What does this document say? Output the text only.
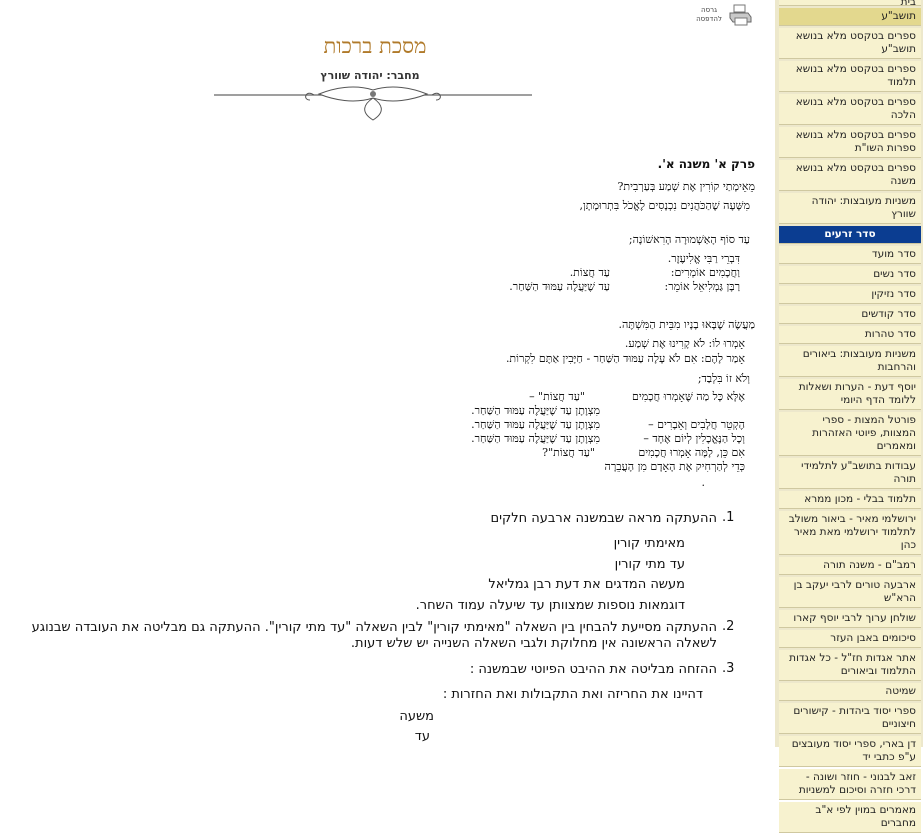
גרסה להדפסה
מסכת ברכות
מחבר: יהודה שוורץ
פרק א' משנה א'.
מֵאֵימָתַי קוֹרִין אֶת שְׁמַע בְּעַרְבִית?
מִשָּׁעָה שֶׁהַכֹּהֲנִים נִכְנָסִים לֶאֱכֹל בִּתְרוּמָתָן,
עַד סוֹף הָאַשְׁמוּרָה הָרִאשׁוֹנָה;
דִּבְרֵי רַבִּי אֱלִיעֶזֶר.
וַחֲכָמִים אוֹמְרִים:
עַד חֲצוֹת.
רַבָּן גַּמְלִיאֵל אוֹמֵר:
עַד שֶׁיַּעֲלֶה עַמּוּד הַשַּׁחַר.
מַעֲשֶׂה שֶׁבָּאוּ בָנָיו מִבֵּית הַמִּשְׁתֶּה.
אָמְרוּ לוֹ: לֹא קָרִינוּ אֶת שְׁמַע.
אָמַר לָהֶם: אִם לֹא עָלָה עַמּוּד הַשַּׁחַר - חַיָּבִין אַתֶּם לִקְרוֹת.
וְלֹא זוֹ בִּלְבַד;
אֶלָּא כָּל מַה שֶּׁאָמְרוּ חֲכָמִים
"עַד חֲצוֹת" –
מִצְוָתָן עַד שֶׁיַּעֲלֶה עַמּוּד הַשַּׁחַר.
הֶקְטֵר חֲלָבִים וְאֵבָרִים –
מִצְוָתָן עַד שֶׁיַּעֲלֶה עַמּוּד הַשַּׁחַר.
וְכָל הַנֶּאֱכָלִין לְיוֹם אֶחָד –
מִצְוָתָן עַד שֶׁיַּעֲלֶה עַמּוּד הַשַּׁחַר.
אִם כֵּן, לָמָּה אָמְרוּ חֲכָמִים
"עַד חֲצוֹת"?
כְּדֵי לְהַרְחִיק אֶת הָאָדָם מִן הָעֲבֵרָה
.
1.
ההעתקה מראה שבמשנה ארבעה חלקים
מאימתי קורין
עד מתי קורין
מעשה המדגים את דעת רבן גמליאל
דוגמאות נוספות שמצוותן עד שיעלה עמוד השחר.
2.
ההעתקה מסייעת להבחין בין השאלה "מאימתי קורין" לבין השאלה "עד מתי קורין". ההעתקה גם מבליטה את העובדה שבנוגע לשאלה הראשונה אין מחלוקת ולגבי השאלה השנייה יש שלש דעות.
3.
ההזחה מבליטה את ההיבט הפיוטי שבמשנה :
דהיינו את החריזה ואת התקבולות ואת החזרות :
משעה
עד
בית
תושב"ע
ספרים בטקסט מלא בנושא תושב"ע
ספרים בטקסט מלא בנושא תלמוד
ספרים בטקסט מלא בנושא הלכה
ספרים בטקסט מלא בנושא ספרות השו"ת
ספרים בטקסט מלא בנושא משנה
משניות מעובצות: יהודה שוורץ
סדר זרעים
סדר מועד
סדר נשים
סדר נזיקין
סדר קודשים
סדר טהרות
משניות מעובצות: ביאורים והרחבות
יוסף דעת - הערות ושאלות ללומד הדף היומי
פורטל המצות - ספרי המצוות, פיוטי האזהרות ומאמרים
עבודות בתושב"ע לתלמידי תורה
תלמוד בבלי - מכון ממרא
ירושלמי מאיר - ביאור משולב לתלמוד ירושלמי מאת מאיר כהן
רמב"ם - משנה תורה
ארבעה טורים לרבי יעקב בן הרא"ש
שולחן ערוך לרבי יוסף קארו
סיכומים באבן העזר
אתר אגדות חז"ל - כל אגדות התלמוד וביאורים
שמיטה
ספרי יסוד ביהדות - קישורים חיצוניים
דן בארי, ספרי יסוד מעובצים ע"פ כתבי יד
זאב לבנוני - חוזר ושונה - דרכי חזרה וסיכום למשניות
מאמרים במוין לפי א"ב מחברים
